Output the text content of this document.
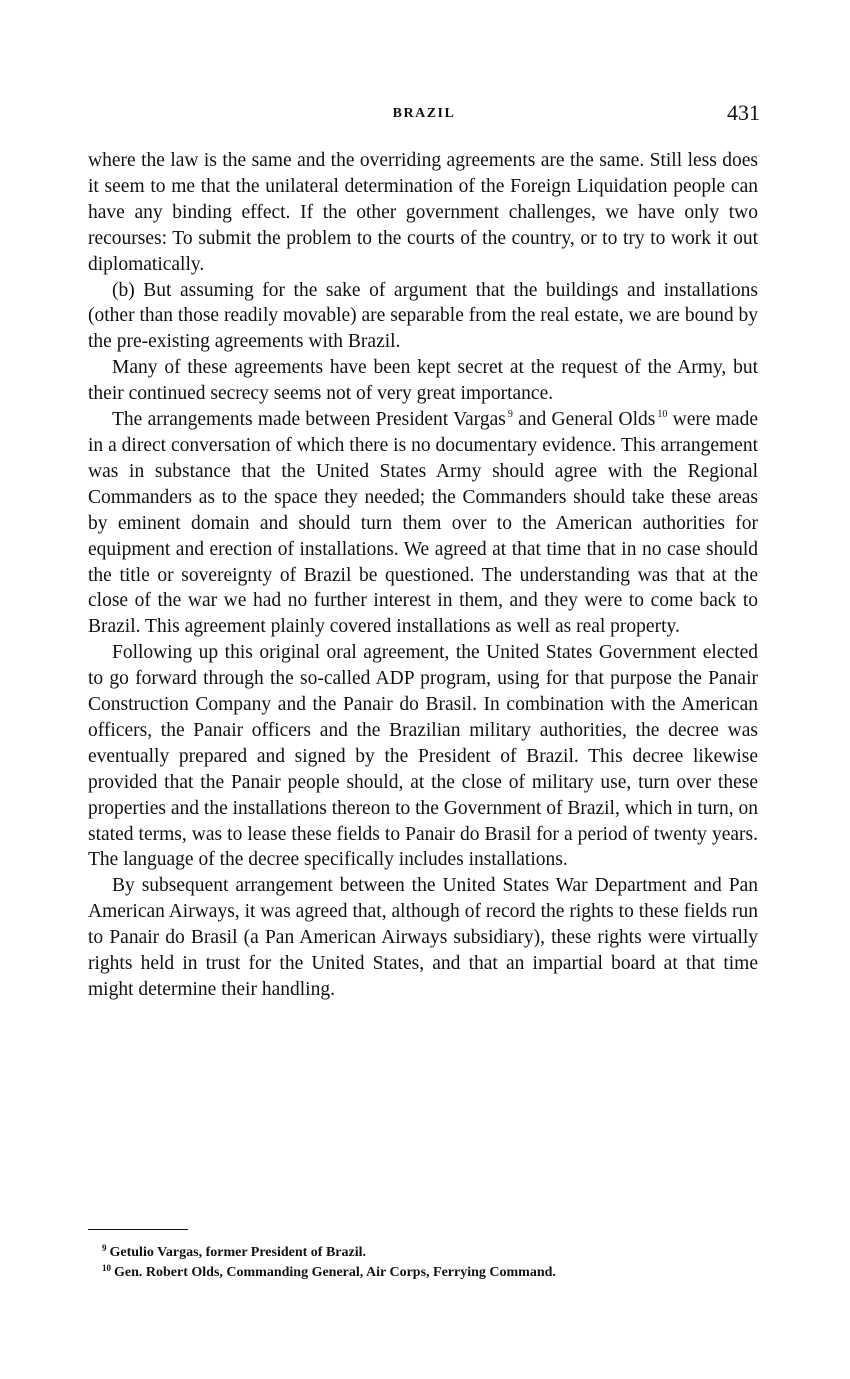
BRAZIL	431

where the law is the same and the overriding agreements are the same. Still less does it seem to me that the unilateral determination of the Foreign Liquidation people can have any binding effect. If the other government challenges, we have only two recourses: To submit the problem to the courts of the country, or to try to work it out diplomatically.

(b) But assuming for the sake of argument that the buildings and installations (other than those readily movable) are separable from the real estate, we are bound by the pre-existing agreements with Brazil.

Many of these agreements have been kept secret at the request of the Army, but their continued secrecy seems not of very great importance.

The arrangements made between President Vargas $^9$ and General Olds $^{10}$ were made in a direct conversation of which there is no documentary evidence. This arrangement was in substance that the United States Army should agree with the Regional Commanders as to the space they needed; the Commanders should take these areas by eminent domain and should turn them over to the American authorities for equipment and erection of installations. We agreed at that time that in no case should the title or sovereignty of Brazil be questioned. The understanding was that at the close of the war we had no further interest in them, and they were to come back to Brazil. This agreement plainly covered installations as well as real property.

Following up this original oral agreement, the United States Government elected to go forward through the so-called ADP program, using for that purpose the Panair Construction Company and the Panair do Brasil. In combination with the American officers, the Panair officers and the Brazilian military authorities, the decree was eventually prepared and signed by the President of Brazil. This decree likewise provided that the Panair people should, at the close of military use, turn over these properties and the installations thereon to the Government of Brazil, which in turn, on stated terms, was to lease these fields to Panair do Brasil for a period of twenty years. The language of the decree specifically includes installations.

By subsequent arrangement between the United States War Department and Pan American Airways, it was agreed that, although of record the rights to these fields run to Panair do Brasil (a Pan American Airways subsidiary), these rights were virtually rights held in trust for the United States, and that an impartial board at that time might determine their handling.

$^9$ Getulio Vargas, former President of Brazil.

$^{10}$ Gen. Robert Olds, Commanding General, Air Corps, Ferrying Command.
